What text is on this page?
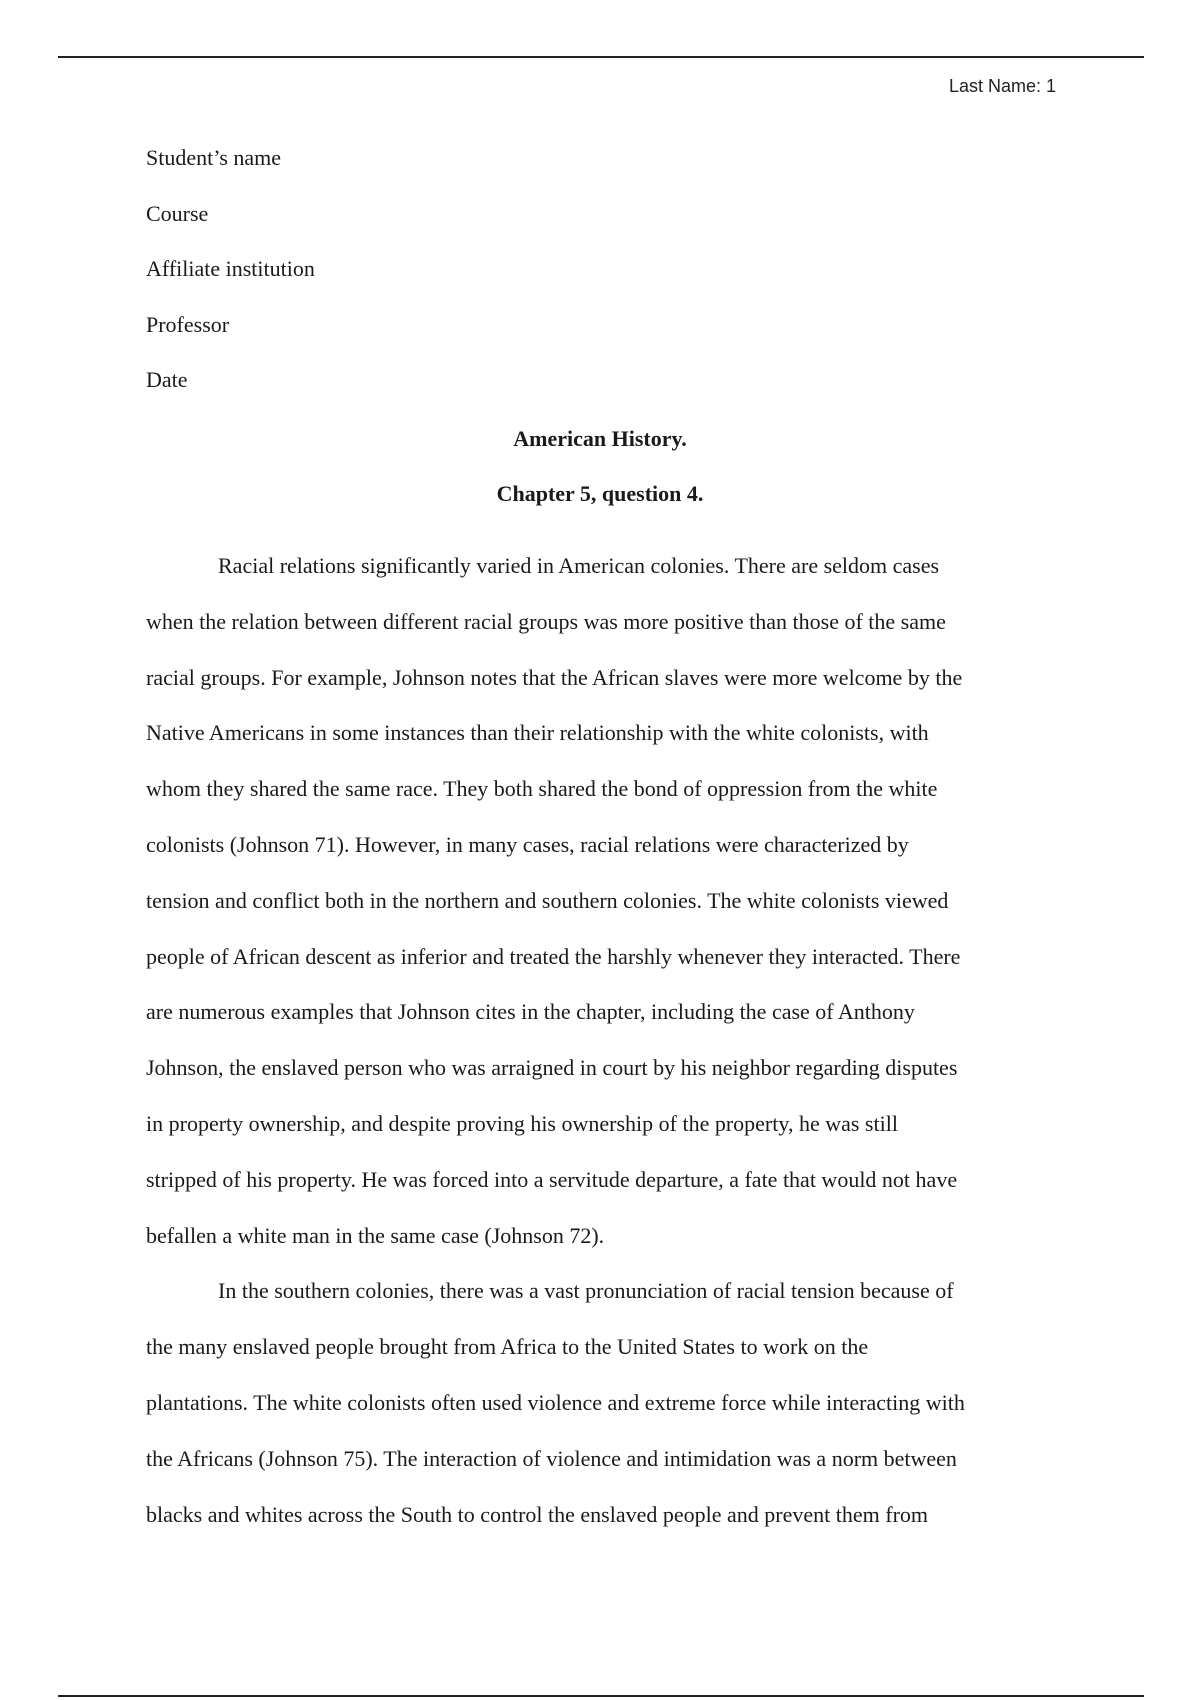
Last Name: 1
Student’s name
Course
Affiliate institution
Professor
Date
American History.
Chapter 5, question 4.
Racial relations significantly varied in American colonies. There are seldom cases
when the relation between different racial groups was more positive than those of the same
racial groups. For example, Johnson notes that the African slaves were more welcome by the
Native Americans in some instances than their relationship with the white colonists, with
whom they shared the same race. They both shared the bond of oppression from the white
colonists (Johnson 71). However, in many cases, racial relations were characterized by
tension and conflict both in the northern and southern colonies. The white colonists viewed
people of African descent as inferior and treated the harshly whenever they interacted. There
are numerous examples that Johnson cites in the chapter, including the case of Anthony
Johnson, the enslaved person who was arraigned in court by his neighbor regarding disputes
in property ownership, and despite proving his ownership of the property, he was still
stripped of his property. He was forced into a servitude departure, a fate that would not have
befallen a white man in the same case (Johnson 72).
In the southern colonies, there was a vast pronunciation of racial tension because of
the many enslaved people brought from Africa to the United States to work on the
plantations. The white colonists often used violence and extreme force while interacting with
the Africans (Johnson 75). The interaction of violence and intimidation was a norm between
blacks and whites across the South to control the enslaved people and prevent them from
